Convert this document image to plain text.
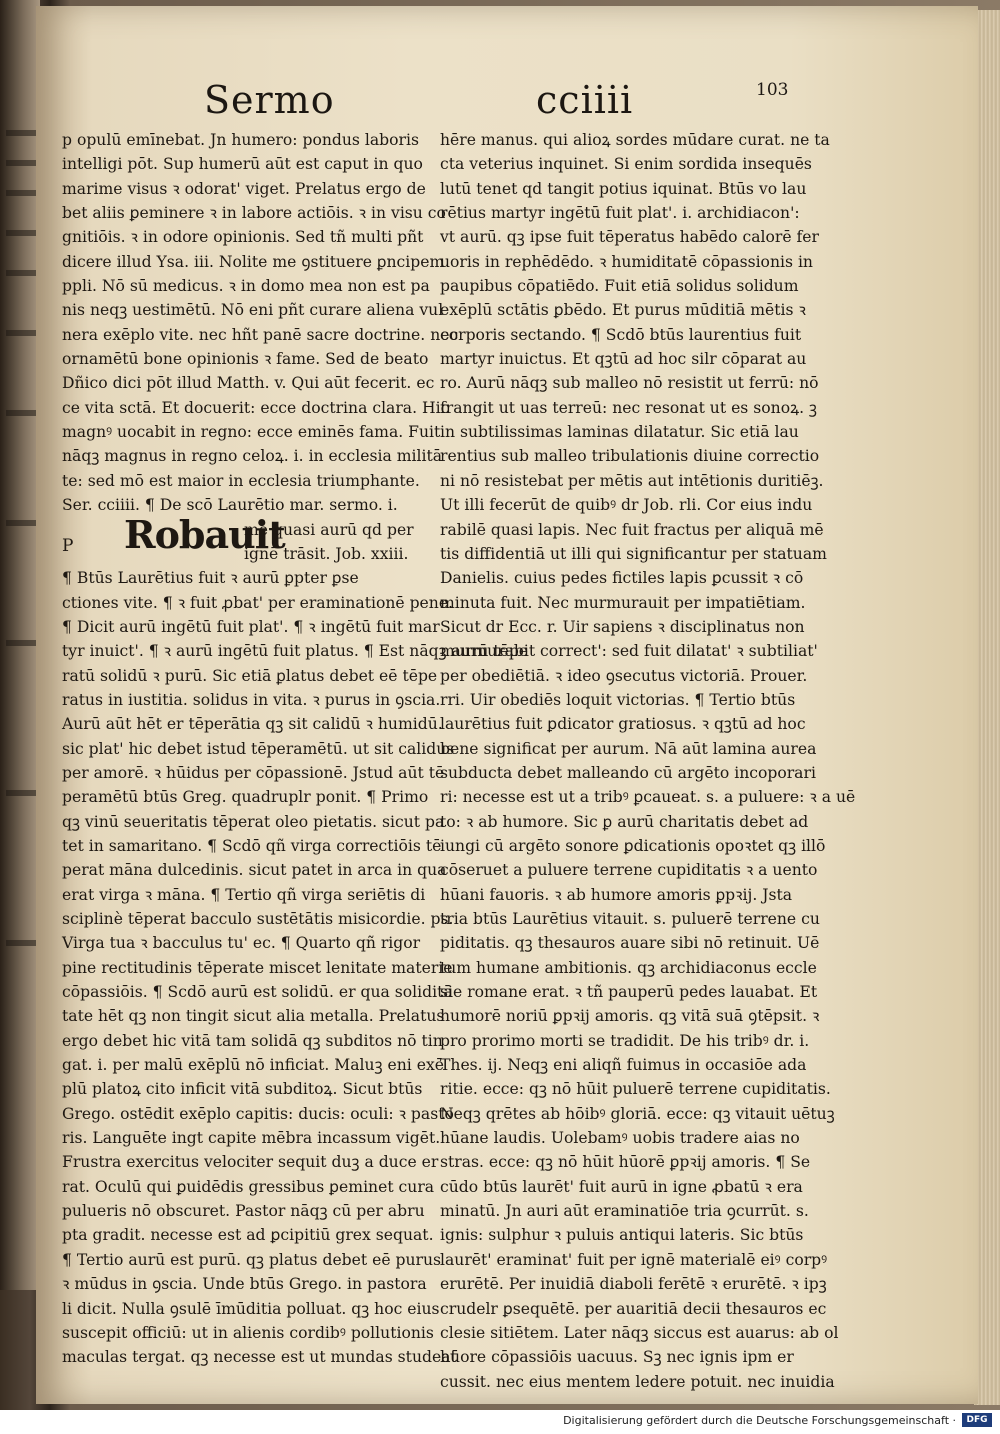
Sermo	cciiii	103
p opulū emīnebat. Jn humero: pondus laboris
intelligi pōt. Sup humerū aūt est caput in quo
marime visus ꝛ odorat' viget. Prelatus ergo de
bet aliis ꝑeminere ꝛ in labore actiōis. ꝛ in visu co
gnitiōis. ꝛ in odore opinionis. Sed tñ multi pñt
dicere illud Ysa. iii. Nolite me ꝯstituere ꝑncipem
ppli. Nō sū medicus. ꝛ in domo mea non est pa
nis neqꝫ uestimētū. Nō eni pñt curare aliena vul
nera exēplo vite. nec hñt panē sacre doctrine. nec
ornamētū bone opinionis ꝛ fame. Sed de beato
Dñico dici pōt illud Matth. v. Qui aūt fecerit. ec
ce vita sctā. Et docuerit: ecce doctrina clara. Hic
magnꝰ uocabit in regno: ecce eminēs fama. Fuit
nāqꝫ magnus in regno celoꝝ. i. in ecclesia militā
te: sed mō est maior in ecclesia triumphante.
Ser. cciiii. ¶ De scō Laurētio mar. sermo. i.
P Robauit
me quasi aurū qd per
ignē trāsit. Job. xxiii.
¶ Btūs Laurētius fuit ꝛ aurū ꝑpter ꝑse
ctiones vite. ¶ ꝛ fuit ꝓbat' per eraminationē pene.
¶ Dicit aurū ingētū fuit plat'. ¶ ꝛ ingētū fuit mar
tyr inuict'. ¶ ꝛ aurū ingētū fuit platus. ¶ Est nāqꝫ aurū tēpe
ratū solidū ꝛ purū. Sic etiā ꝑlatus debet eē tēpe
ratus in iustitia. solidus in vita. ꝛ purus in ꝯscia.
Aurū aūt hēt er tēperātia qꝫ sit calidū ꝛ humidū.
sic plat' hic debet istud tēperamētū. ut sit calidus
per amorē. ꝛ hūidus per cōpassionē. Jstud aūt tē
peramētū btūs Greg. quadruplr ponit. ¶ Primo
qꝫ vinū seueritatis tēperat oleo pietatis. sicut pa
tet in samaritano. ¶ Scdō qñ virga correctiōis tē
perat māna dulcedinis. sicut patet in arca in qua
erat virga ꝛ māna. ¶ Tertio qñ virga seriētis di
sciplinè tēperat bacculo sustētātis misicordie. ps.
Virga tua ꝛ bacculus tu' ec. ¶ Quarto qñ rigor
pine rectitudinis tēperate miscet lenitate materie
cōpassiōis. ¶ Scdō aurū est solidū. er qua soliditā
tate hēt qꝫ non tingit sicut alia metalla. Prelatus
ergo debet hic vitā tam solidā qꝫ subditos nō tin
gat. i. per malū exēplū nō inficiat. Maluꝫ eni exē
plū platoꝝ cito inficit vitā subditoꝝ. Sicut btūs
Grego. ostēdit exēplo capitis: ducis: oculi: ꝛ pasto
ris. Languēte ingt capite mēbra incassum vigēt.
Frustra exercitus velociter sequit duꝫ a duce er
rat. Oculū qui ꝑuidēdis gressibus ꝑeminet cura
pulueris nō obscuret. Pastor nāqꝫ cū per abru
pta gradit. necesse est ad ꝑcipitiū grex sequat.
¶ Tertio aurū est purū. qꝫ platus debet eē purus
ꝛ mūdus in ꝯscia. Unde btūs Grego. in pastora
li dicit. Nulla ꝯsulē īmūditia polluat. qꝫ hoc eius
suscepit officiū: ut in alienis cordibꝰ pollutionis
maculas tergat. qꝫ necesse est ut mundas studeat
hēre manus. qui alioꝝ sordes mūdare curat. ne ta
cta veterius inquinet. Si enim sordida insequēs
lutū tenet qd tangit potius iquinat. Btūs vo lau
rētius martyr ingētū fuit plat'. i. archidiacon':
vt aurū. qꝫ ipse fuit tēperatus habēdo calorē fer
uoris in rephēdēdo. ꝛ humiditatē cōpassionis in
paupibus cōpatiēdo. Fuit etiā solidus solidum
exēplū sctātis ꝑbēdo. Et purus mūditiā mētis ꝛ
corporis sectando. ¶ Scdō btūs laurentius fuit
martyr inuictus. Et qꝫtū ad hoc silr cōparat au
ro. Aurū nāqꝫ sub malleo nō resistit ut ferrū: nō
frangit ut uas terreū: nec resonat ut es sonoꝝ. ꝫ
in subtilissimas laminas dilatatur. Sic etiā lau
rentius sub malleo tribulationis diuine correctio
ni nō resistebat per mētis aut intētionis duritiēꝫ.
Ut illi fecerūt de quibꝰ dr Job. rli. Cor eius indu
rabilē quasi lapis. Nec fuit fractus per aliquā mē
tis diffidentiā ut illi qui significantur per statuam
Danielis. cuius pedes fictiles lapis ꝑcussit ꝛ cō
minuta fuit. Nec murmurauit per impatiētiam.
Sicut dr Ecc. r. Uir sapiens ꝛ disciplinatus non
murmurabit correct': sed fuit dilatat' ꝛ subtiliat'
per obediētiā. ꝛ ideo ꝯsecutus victoriā. Prouer.
rri. Uir obediēs loquit victorias. ¶ Tertio btūs
laurētius fuit ꝑdicator gratiosus. ꝛ qꝫtū ad hoc
bene significat per aurum. Nā aūt lamina aurea
subducta debet malleando cū argēto incoporari
ri: necesse est ut a tribꝰ ꝑcaueat. s. a puluere: ꝛ a uē
to: ꝛ ab humore. Sic ꝑ aurū charitatis debet ad
iungi cū argēto sonore ꝑdicationis opoꝛtet qꝫ illō
cōseruet a puluere terrene cupiditatis ꝛ a uento
hūani fauoris. ꝛ ab humore amoris ꝑpꝛij. Jsta
tria btūs Laurētius vitauit. s. puluerē terrene cu
piditatis. qꝫ thesauros auare sibi nō retinuit. Uē
tum humane ambitionis. qꝫ archidiaconus eccle
sie romane erat. ꝛ tñ pauperū pedes lauabat. Et
humorē noriū ꝑpꝛij amoris. qꝫ vitā suā ꝯtēpsit. ꝛ
pro prorimo morti se tradidit. De his tribꝰ dr. i.
Thes. ij. Neqꝫ eni aliqñ fuimus in occasiōe ada
ritie. ecce: qꝫ nō hūit puluerē terrene cupiditatis.
Neqꝫ qrētes ab hōibꝰ gloriā. ecce: qꝫ vitauit uētuꝫ
hūane laudis. Uolebamꝰ uobis tradere aias no
stras. ecce: qꝫ nō hūit hūorē ꝑpꝛij amoris. ¶ Se
cūdo btūs laurēt' fuit aurū in igne ꝓbatū ꝛ era
minatū. Jn auri aūt eraminatiōe tria ꝯcurrūt. s.
ignis: sulphur ꝛ puluis antiqui lateris. Sic btūs
laurēt' eraminat' fuit per ignē materialē eiꝰ corpꝰ
erurētē. Per inuidiā diaboli ferētē ꝛ erurētē. ꝛ ipꝫ
crudelr ꝑsequētē. per auaritiā decii thesauros ec
clesie sitiētem. Later nāqꝫ siccus est auarus: ab ol
hūore cōpassiōis uacuus. Sꝫ nec ignis ipm er
cussit. nec eius mentem ledere potuit. nec inuidia
Digitalisierung gefördert durch die Deutsche Forschungsgemeinschaft ·	DFG
